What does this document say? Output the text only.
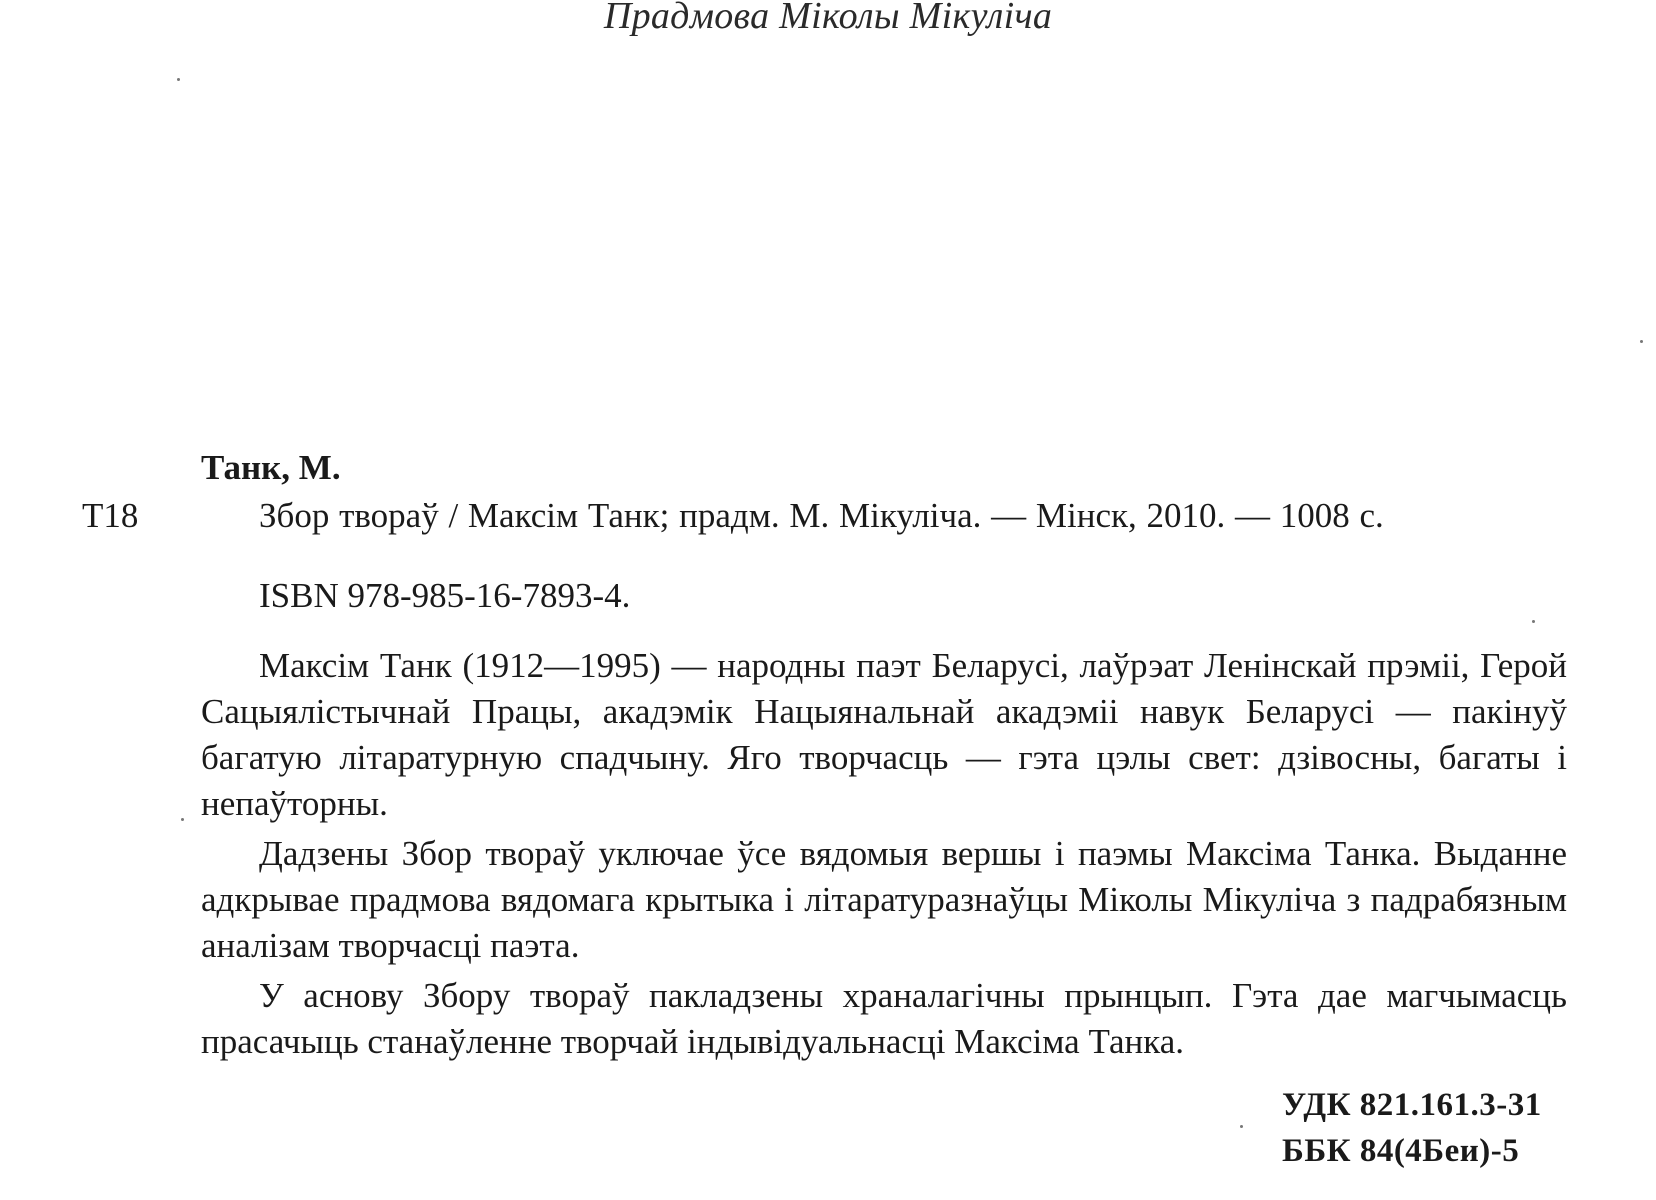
Прадмова Міколы Мікуліча
Танк, М.
Т18	Збор твораў / Максім Танк; прадм. М. Мікуліча. — Мінск, 2010. — 1008 с.
ISBN 978-985-16-7893-4.

Максім Танк (1912—1995) — народны паэт Беларусі, лаўрэат Ленінскай прэміі, Герой Сацыялістычнай Працы, акадэмік Нацыянальнай акадэміі навук Беларусі — пакінуў багатую літаратурную спадчыну. Яго творчасць — гэта цэлы свет: дзівосны, багаты і непаўторны.

Дадзены Збор твораў уключае ўсе вядомыя вершы і паэмы Максіма Танка. Выданне адкрывае прадмова вядомага крытыка і літаратуразнаўцы Міколы Мікуліча з падрабязным аналізам творчасці паэта.

У аснову Збору твораў пакладзены храналагічны прынцып. Гэта дае магчымасць прасачыць станаўленне творчай індывідуальнасці Максіма Танка.

УДК 821.161.3-31
ББК 84(4Беи)-5
